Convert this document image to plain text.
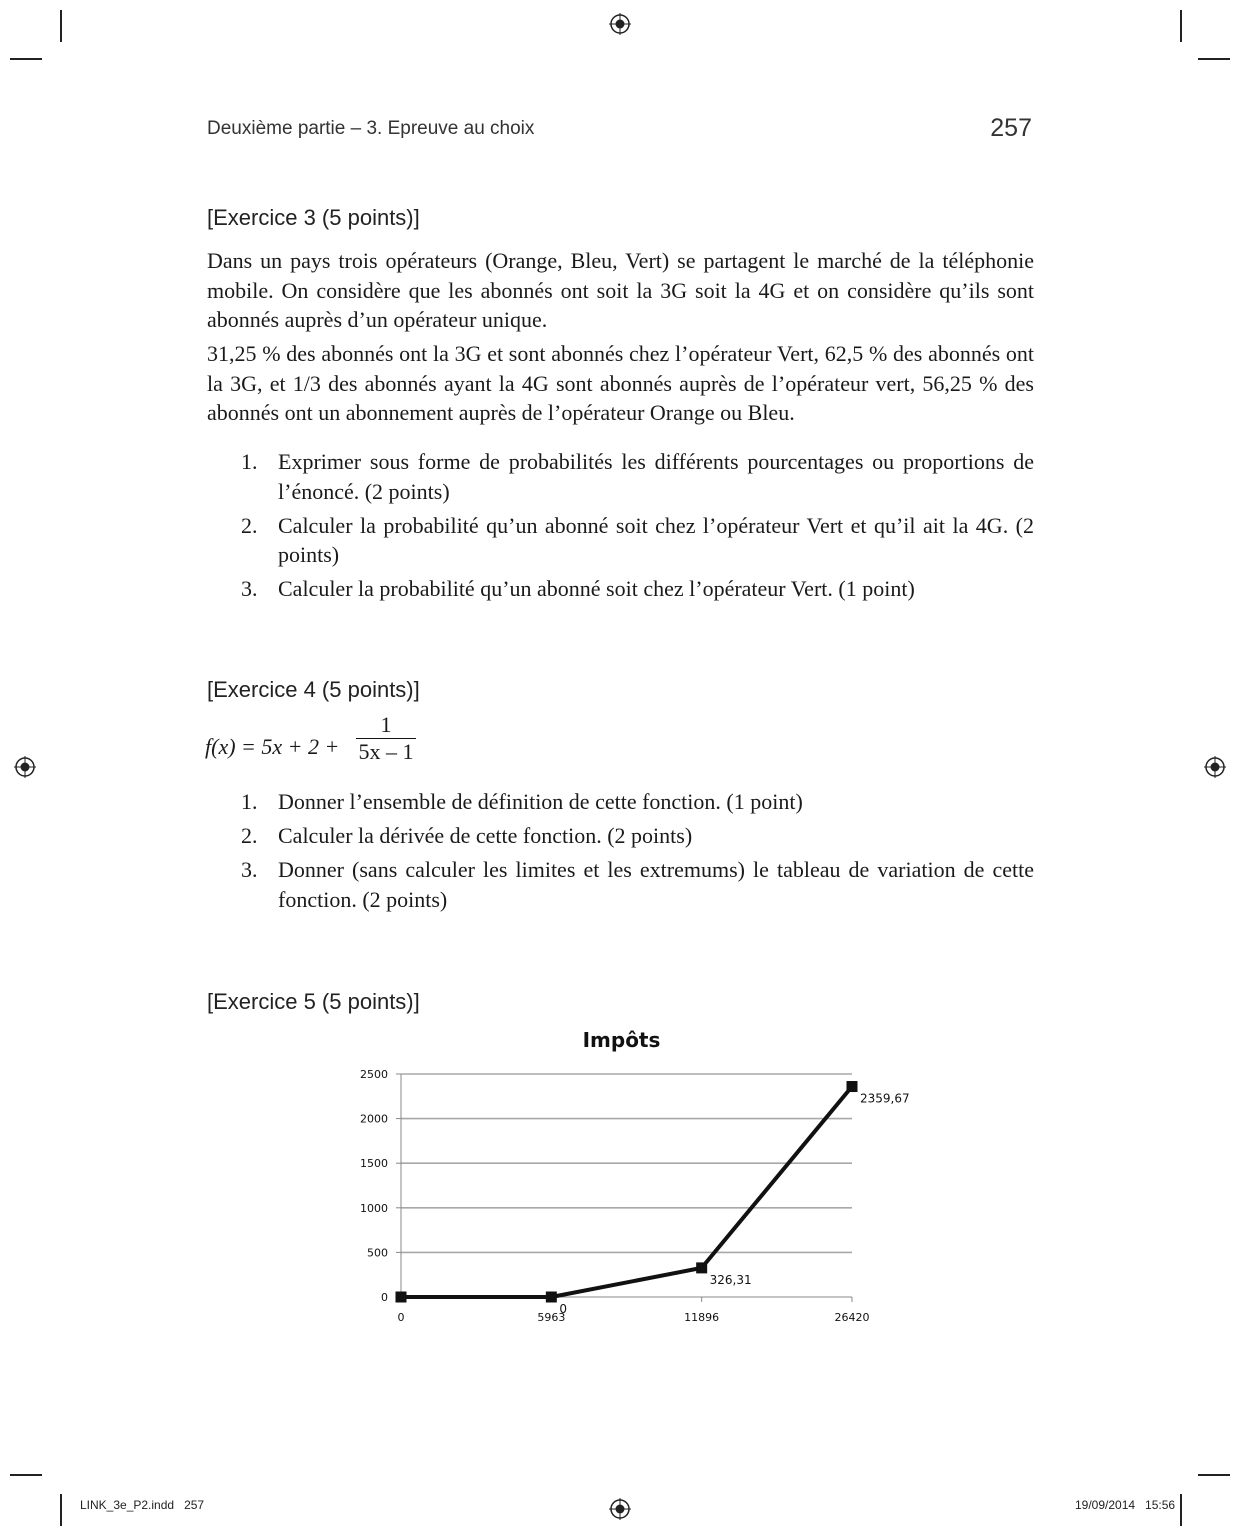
Deuxième partie – 3. Epreuve au choix	257
[Exercice 3 (5 points)]
Dans un pays trois opérateurs (Orange, Bleu, Vert) se partagent le marché de la téléphonie mobile. On considère que les abonnés ont soit la 3G soit la 4G et on considère qu’ils sont abonnés auprès d’un opérateur unique.
31,25 % des abonnés ont la 3G et sont abonnés chez l’opérateur Vert, 62,5 % des abonnés ont la 3G, et 1/3 des abonnés ayant la 4G sont abonnés auprès de l’opérateur vert, 56,25 % des abonnés ont un abonnement auprès de l’opérateur Orange ou Bleu.
1. Exprimer sous forme de probabilités les différents pourcentages ou proportions de l’énoncé. (2 points)
2. Calculer la probabilité qu’un abonné soit chez l’opérateur Vert et qu’il ait la 4G. (2 points)
3. Calculer la probabilité qu’un abonné soit chez l’opérateur Vert. (1 point)
[Exercice 4 (5 points)]
f(x) = 5x + 2 +
1
5x – 1
1. Donner l’ensemble de définition de cette fonction. (1 point)
2. Calculer la dérivée de cette fonction. (2 points)
3. Donner (sans calculer les limites et les extremums) le tableau de variation de cette fonction. (2 points)
[Exercice 5 (5 points)]
Impôts
0
500
1000
1500
2000
2500
0	5963	11896	26420
0
326,31
2359,67
LINK_3e_P2.indd   257	19/09/2014   15:56
